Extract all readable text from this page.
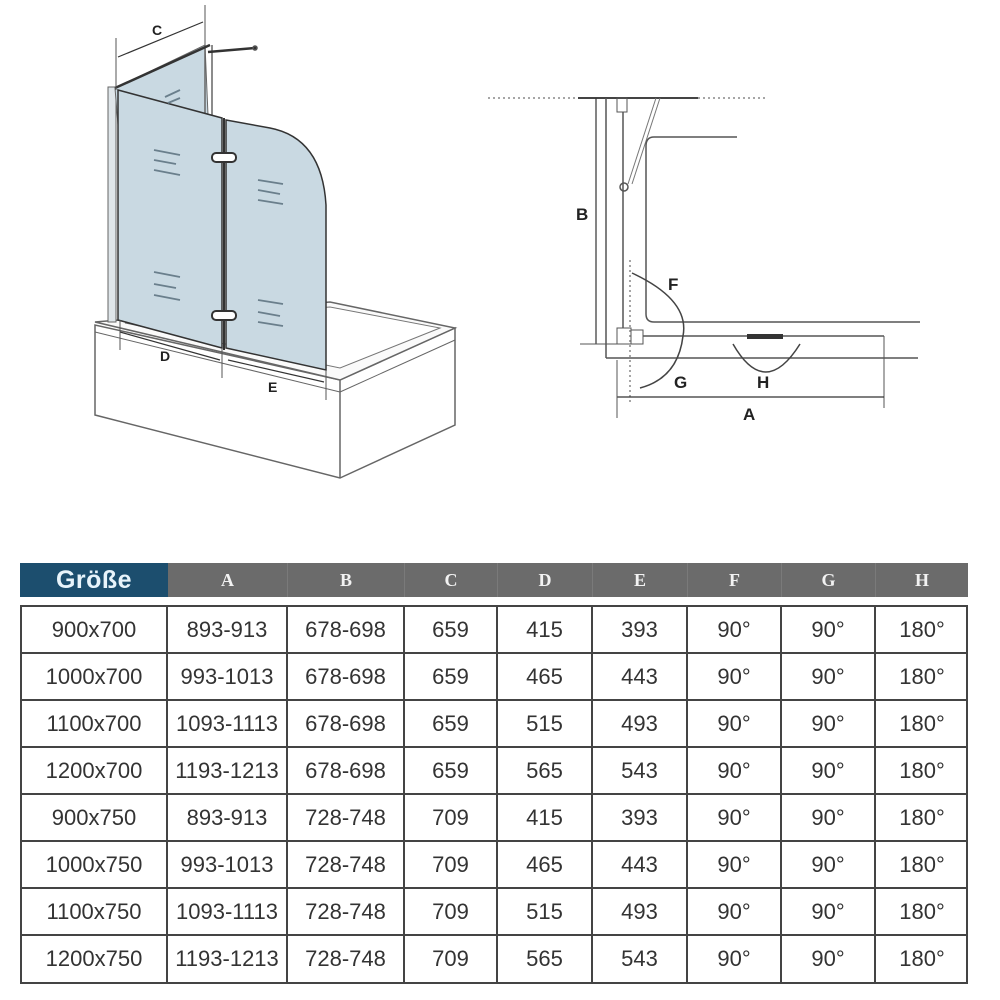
C
D
E
B
F
G	H
A
Größe	A	B	C	D	E	F	G	H
900x700	893-913	678-698	659	415	393	90°	90°	180°
1000x700	993-1013	678-698	659	465	443	90°	90°	180°
1100x700	1093-1113	678-698	659	515	493	90°	90°	180°
1200x700	1193-1213	678-698	659	565	543	90°	90°	180°
900x750	893-913	728-748	709	415	393	90°	90°	180°
1000x750	993-1013	728-748	709	465	443	90°	90°	180°
1100x750	1093-1113	728-748	709	515	493	90°	90°	180°
1200x750	1193-1213	728-748	709	565	543	90°	90°	180°
